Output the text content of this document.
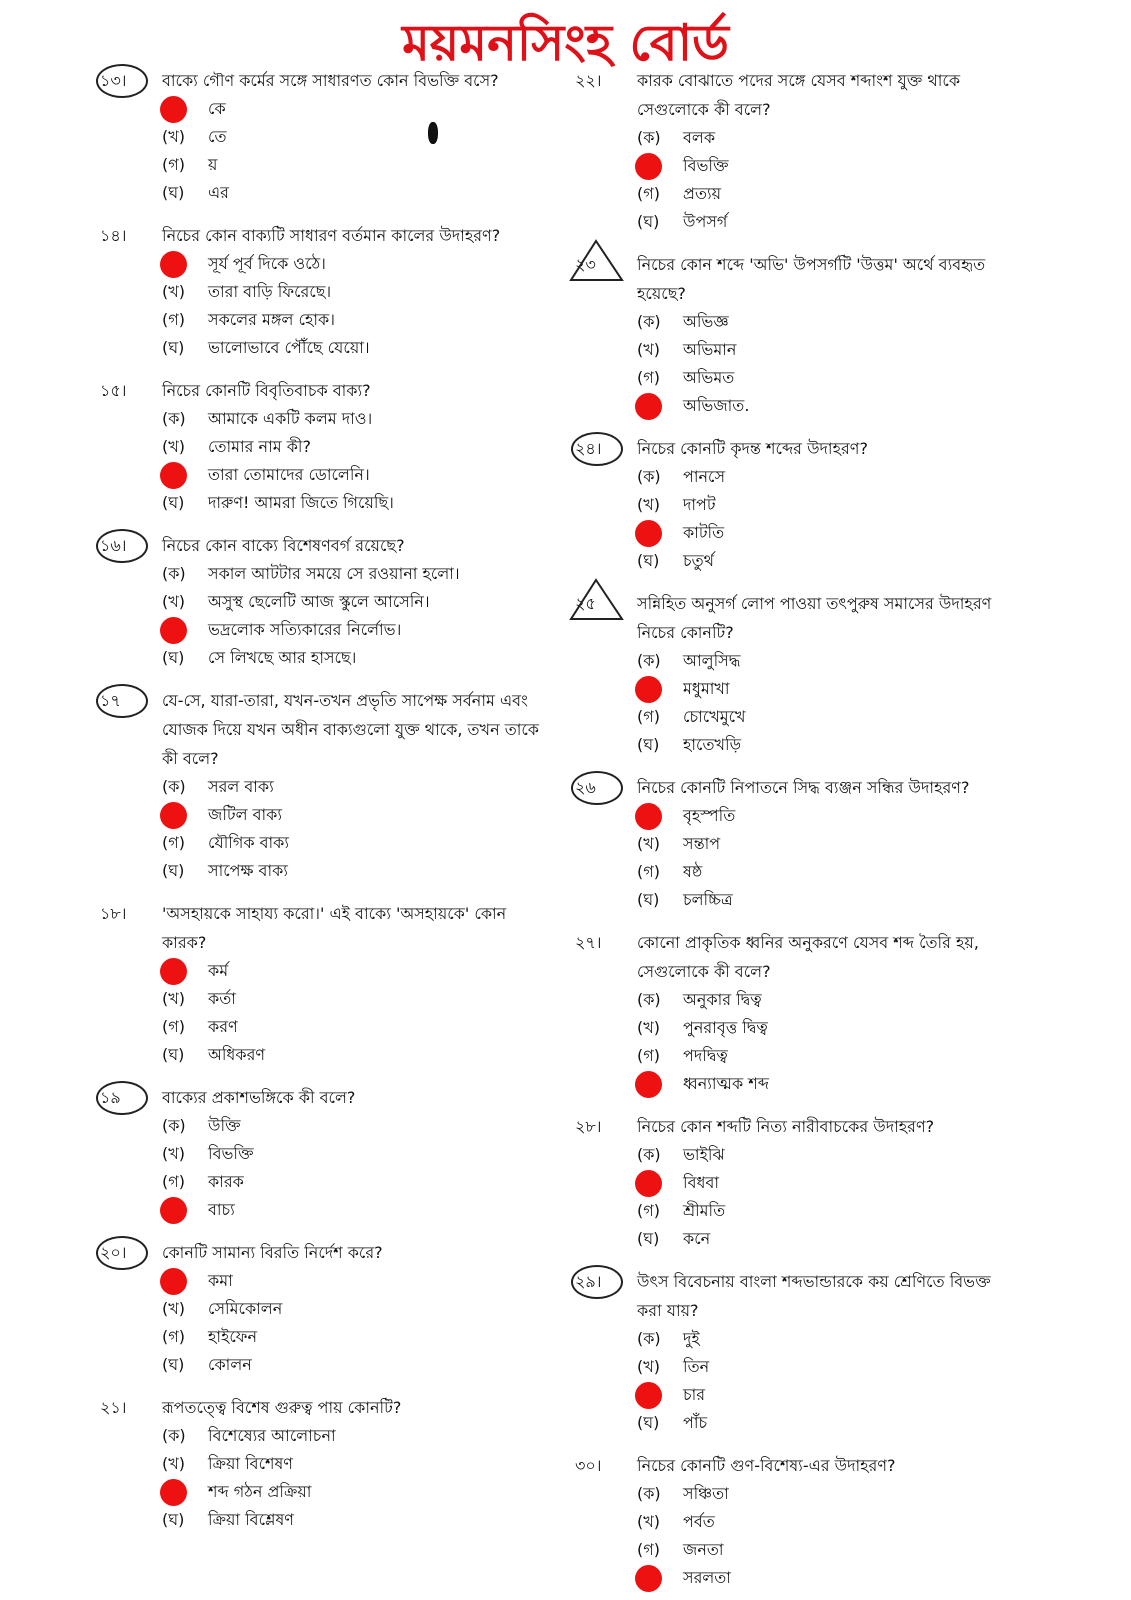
ময়মনসিংহ বোর্ড
১৩।	বাক্যে গৌণ কর্মের সঙ্গে সাধারণত কোন বিভক্তি বসে?
কে
(খ) তে
(গ) য়
(ঘ) এর
১৪।	নিচের কোন বাক্যটি সাধারণ বর্তমান কালের উদাহরণ?
সূর্য পূর্ব দিকে ওঠে।
(খ) তারা বাড়ি ফিরেছে।
(গ) সকলের মঙ্গল হোক।
(ঘ) ভালোভাবে পৌঁছে যেয়ো।
১৫।	নিচের কোনটি বিবৃতিবাচক বাক্য?
(ক) আমাকে একটি কলম দাও।
(খ) তোমার নাম কী?
তারা তোমাদের ডোলেনি।
(ঘ) দারুণ! আমরা জিতে গিয়েছি।
১৬।	নিচের কোন বাক্যে বিশেষণবর্গ রয়েছে?
(ক) সকাল আটটার সময়ে সে রওয়ানা হলো।
(খ) অসুস্থ ছেলেটি আজ স্কুলে আসেনি।
ভদ্রলোক সত্যিকারের নির্লোভ।
(ঘ) সে লিখছে আর হাসছে।
১৭	যে-সে, যারা-তারা, যখন-তখন প্রভৃতি সাপেক্ষ সর্বনাম এবং যোজক দিয়ে যখন অধীন বাক্যগুলো যুক্ত থাকে, তখন তাকে কী বলে?
(ক) সরল বাক্য
জটিল বাক্য
(গ) যৌগিক বাক্য
(ঘ) সাপেক্ষ বাক্য
১৮।	'অসহায়কে সাহায্য করো।' এই বাক্যে 'অসহায়কে' কোন কারক?
কর্ম
(খ) কর্তা
(গ) করণ
(ঘ) অধিকরণ
১৯	বাক্যের প্রকাশভঙ্গিকে কী বলে?
(ক) উক্তি
(খ) বিভক্তি
(গ) কারক
বাচ্য
২০।	কোনটি সামান্য বিরতি নির্দেশ করে?
কমা
(খ) সেমিকোলন
(গ) হাইফেন
(ঘ) কোলন
২১।	রূপতত্ত্বে বিশেষ গুরুত্ব পায় কোনটি?
(ক) বিশেষ্যের আলোচনা
(খ) ক্রিয়া বিশেষণ
শব্দ গঠন প্রক্রিয়া
(ঘ) ক্রিয়া বিশ্লেষণ
২২।	কারক বোঝাতে পদের সঙ্গে যেসব শব্দাংশ যুক্ত থাকে সেগুলোকে কী বলে?
(ক) বলক
বিভক্তি
(গ) প্রত্যয়
(ঘ) উপসর্গ
২৩	নিচের কোন শব্দে 'অভি' উপসর্গটি 'উত্তম' অর্থে ব্যবহৃত হয়েছে?
(ক) অভিজ্ঞ
(খ) অভিমান
(গ) অভিমত
অভিজাত.
২৪।	নিচের কোনটি কৃদন্ত শব্দের উদাহরণ?
(ক) পানসে
(খ) দাপট
কাটতি
(ঘ) চতুর্থ
২৫	সন্নিহিত অনুসর্গ লোপ পাওয়া তৎপুরুষ সমাসের উদাহরণ নিচের কোনটি?
(ক) আলুসিদ্ধ
মধুমাখা
(গ) চোখেমুখে
(ঘ) হাতেখড়ি
২৬	নিচের কোনটি নিপাতনে সিদ্ধ ব্যঞ্জন সন্ধির উদাহরণ?
বৃহস্পতি
(খ) সন্তাপ
(গ) ষষ্ঠ
(ঘ) চলচ্চিত্র
২৭।	কোনো প্রাকৃতিক ধ্বনির অনুকরণে যেসব শব্দ তৈরি হয়, সেগুলোকে কী বলে?
(ক) অনুকার দ্বিত্ব
(খ) পুনরাবৃত্ত দ্বিত্ব
(গ) পদদ্বিত্ব
ধ্বন্যাত্মক শব্দ
২৮।	নিচের কোন শব্দটি নিত্য নারীবাচকের উদাহরণ?
(ক) ভাইঝি
বিধবা
(গ) শ্রীমতি
(ঘ) কনে
২৯।	উৎস বিবেচনায় বাংলা শব্দভান্ডারকে কয় শ্রেণিতে বিভক্ত করা যায়?
(ক) দুই
(খ) তিন
চার
(ঘ) পাঁচ
৩০।	নিচের কোনটি গুণ-বিশেষ্য-এর উদাহরণ?
(ক) সঞ্চিতা
(খ) পর্বত
(গ) জনতা
সরলতা
